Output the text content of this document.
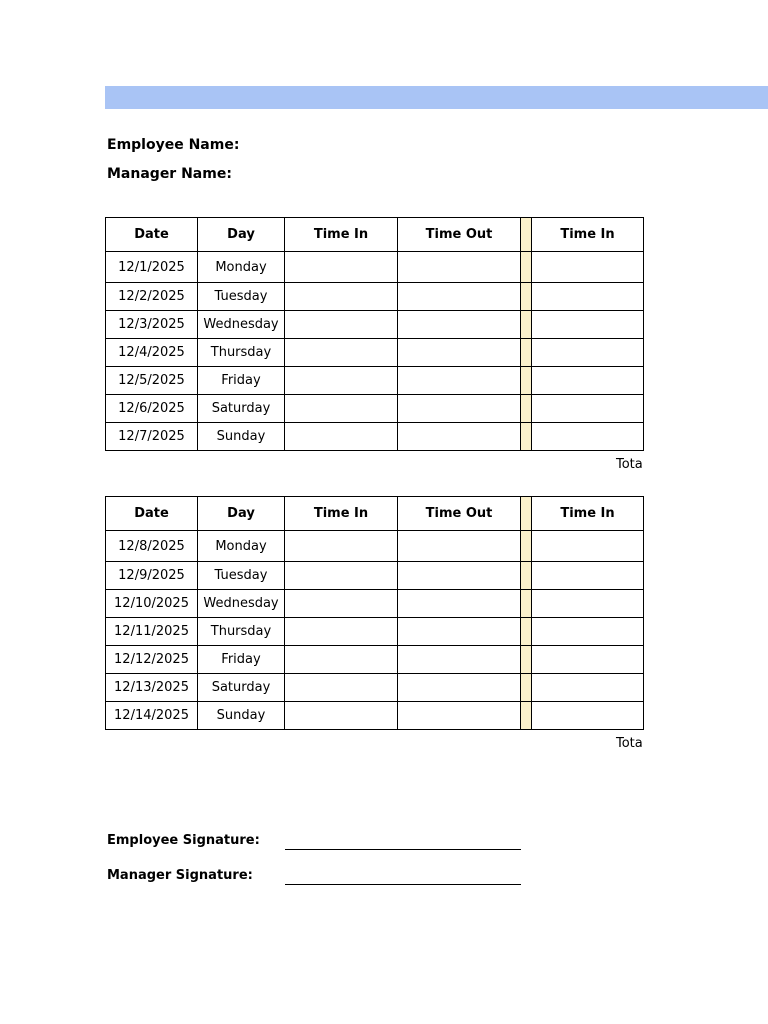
Employee Name:
Manager Name:
Date	Day	Time In	Time Out		Time In
12/1/2025	Monday				
12/2/2025	Tuesday				
12/3/2025	Wednesday				
12/4/2025	Thursday				
12/5/2025	Friday				
12/6/2025	Saturday				
12/7/2025	Sunday				
Tota
Date	Day	Time In	Time Out		Time In
12/8/2025	Monday				
12/9/2025	Tuesday				
12/10/2025	Wednesday				
12/11/2025	Thursday				
12/12/2025	Friday				
12/13/2025	Saturday				
12/14/2025	Sunday				
Tota
Employee Signature:
Manager Signature:
